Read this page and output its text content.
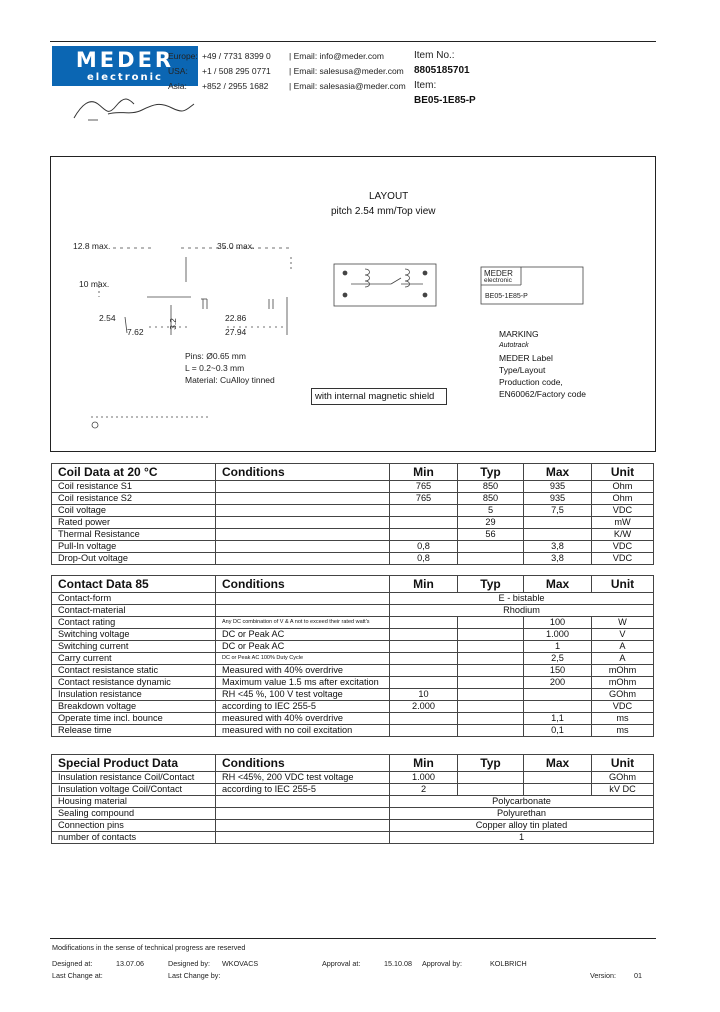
MEDER
electronic
Europe: +49 / 7731 8399 0	| Email: info@meder.com
USA:	+1 / 508 295 0771	| Email: salesusa@meder.com
Asia:	+852 / 2955 1682	| Email: salesasia@meder.com
Item No.:
8805185701
Item:
BE05-1E85-P
LAYOUT
pitch 2.54 mm/Top view
12.8 max.	35.0 max.
10 max.
2.54
7.62
3.2
22.86
27.94
Pins: Ø0.65 mm
L = 0.2~0.3 mm
Material: CuAlloy tinned
with internal magnetic shield
MEDER
electronic
BE05-1E85-P
MARKING
Autotrack
MEDER Label
Type/Layout
Production code,
EN60062/Factory code
Coil Data at 20 °C	Conditions	Min	Typ	Max	Unit
Coil resistance S1		765	850	935	Ohm
Coil resistance S2		765	850	935	Ohm
Coil voltage			5	7,5	VDC
Rated power			29		mW
Thermal Resistance			56		K/W
Pull-In voltage		0,8		3,8	VDC
Drop-Out voltage		0,8		3,8	VDC
Contact Data 85	Conditions	Min	Typ	Max	Unit
Contact-form		E - bistable			
Contact-material		Rhodium			
Contact rating	Any DC combination of V & A not to exceed their rated watt's			100	W
Switching voltage	DC or Peak AC			1.000	V
Switching current	DC or Peak AC			1	A
Carry current	DC or Peak AC 100% Duty Cycle			2,5	A
Contact resistance static	Measured with 40% overdrive			150	mOhm
Contact resistance dynamic	Maximum value 1.5 ms after excitation			200	mOhm
Insulation resistance	RH <45 %, 100 V test voltage	10			GOhm
Breakdown voltage	according to IEC 255-5	2.000			VDC
Operate time incl. bounce	measured with 40% overdrive			1,1	ms
Release time	measured with no coil excitation			0,1	ms
Special Product Data	Conditions	Min	Typ	Max	Unit
Insulation resistance Coil/Contact	RH <45%, 200 VDC test voltage	1.000			GOhm
Insulation voltage Coil/Contact	according to IEC 255-5	2			kV DC
Housing material		Polycarbonate			
Sealing compound		Polyurethan			
Connection pins		Copper alloy tin plated			
number of contacts		1			
Modifications in the sense of technical progress are reserved
Designed at:	13.07.06	Designed by: WKOVACS	Approval at:	15.10.08 Approval by:	KOLBRICH
Last Change at:	Last Change by:	Version:	01
